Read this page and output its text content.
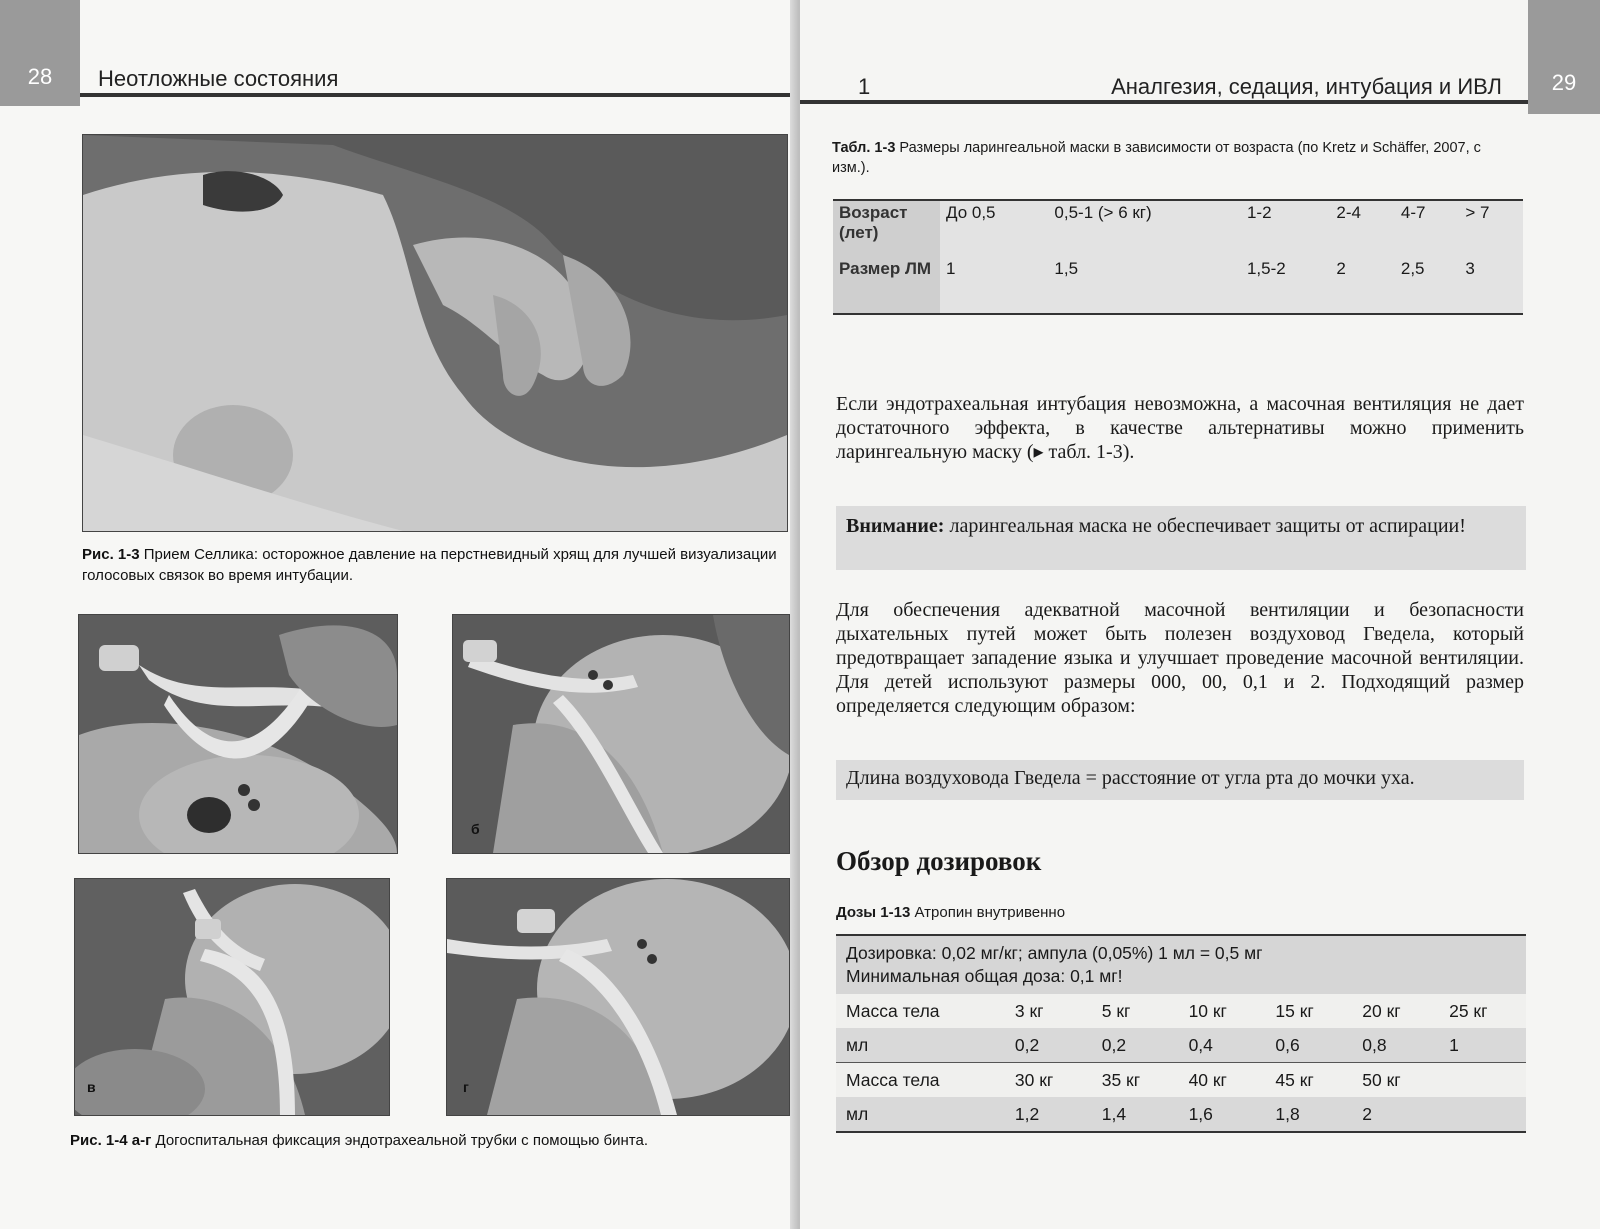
28	Неотложные состояния
Рис. 1-3 Прием Селлика: осторожное давление на перстневидный хрящ для лучшей визуализации голосовых связок во время интубации.
б
в	г
Рис. 1-4 а-г Догоспитальная фиксация эндотрахеальной трубки с помощью бинта.
1	Аналгезия, седация, интубация и ИВЛ	29
Табл. 1-3 Размеры ларингеальной маски в зависимости от возраста (по Kretz и Schäffer, 2007, с изм.).
Возраст (лет)	До 0,5	0,5-1 (> 6 кг)	1-2	2-4	4-7	> 7
Размер ЛМ	1	1,5	1,5-2	2	2,5	3
Если эндотрахеальная интубация невозможна, а масочная вентиляция не дает достаточного эффекта, в качестве альтернативы можно применить ларингеальную маску (▸ табл. 1-3).
Внимание: ларингеальная маска не обеспечивает защиты от аспирации!
Для обеспечения адекватной масочной вентиляции и безопасности дыхательных путей может быть полезен воздуховод Гведела, который предотвращает западение языка и улучшает проведение масочной вентиляции. Для детей используют размеры 000, 00, 0,1 и 2. Подходящий размер определяется следующим образом:
Длина воздуховода Гведела = расстояние от угла рта до мочки уха.
Обзор дозировок
Дозы 1-13 Атропин внутривенно
Дозировка: 0,02 мг/кг; ампула (0,05%) 1 мл = 0,5 мг
Минимальная общая доза: 0,1 мг!						

Масса тела	3 кг	5 кг	10 кг	15 кг	20 кг	25 кг
мл	0,2	0,2	0,4	0,6	0,8	1
Масса тела	30 кг	35 кг	40 кг	45 кг	50 кг	
мл	1,2	1,4	1,6	1,8	2	
